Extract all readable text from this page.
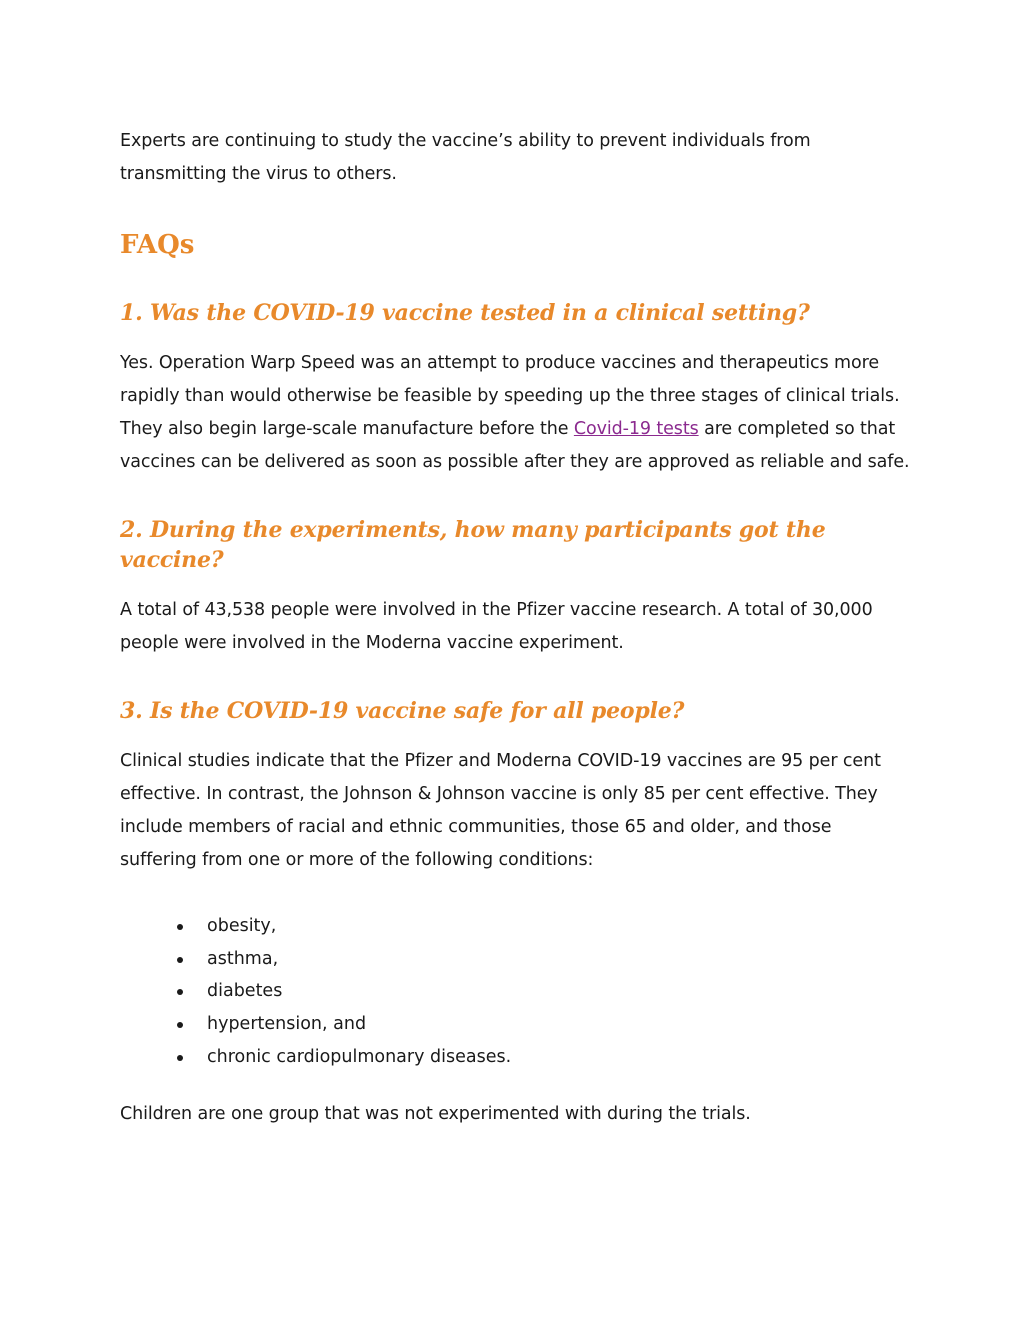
Experts are continuing to study the vaccine’s ability to prevent individuals from transmitting the virus to others.

FAQs
1. Was the COVID-19 vaccine tested in a clinical setting?

Yes. Operation Warp Speed was an attempt to produce vaccines and therapeutics more rapidly than would otherwise be feasible by speeding up the three stages of clinical trials. They also begin large-scale manufacture before the Covid-19 tests are completed so that vaccines can be delivered as soon as possible after they are approved as reliable and safe.

2. During the experiments, how many participants got the vaccine?

A total of 43,538 people were involved in the Pfizer vaccine research. A total of 30,000 people were involved in the Moderna vaccine experiment.

3. Is the COVID-19 vaccine safe for all people?

Clinical studies indicate that the Pfizer and Moderna COVID-19 vaccines are 95 per cent effective. In contrast, the Johnson & Johnson vaccine is only 85 per cent effective. They include members of racial and ethnic communities, those 65 and older, and those suffering from one or more of the following conditions:

obesity,
asthma,
diabetes
hypertension, and
chronic cardiopulmonary diseases.

Children are one group that was not experimented with during the trials.
